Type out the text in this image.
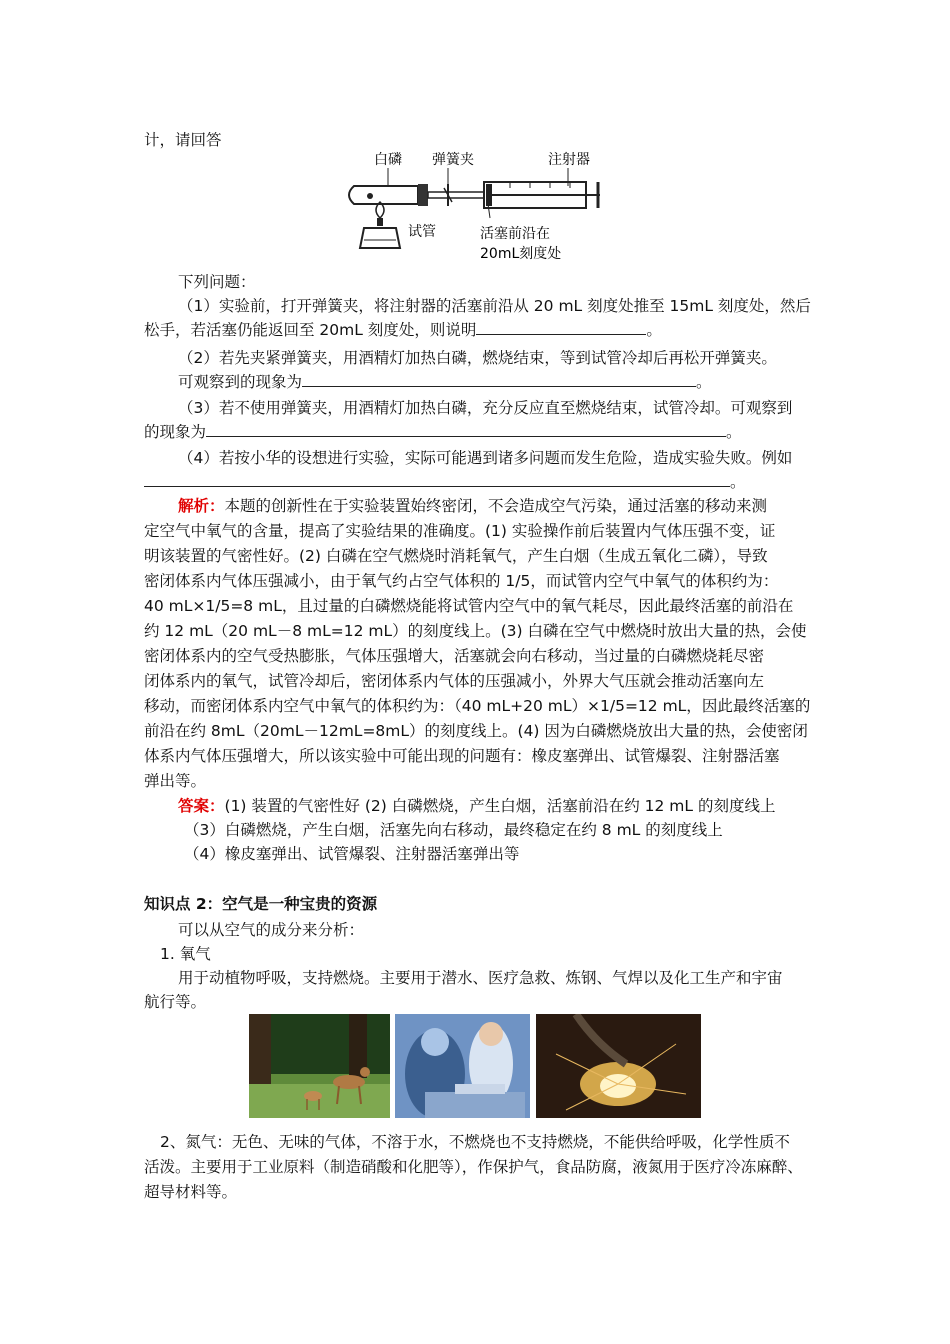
计，请回答
白磷 弹簧夹	注射器
试管	活塞前沿在
20mL刻度处
下列问题：
（1）实验前，打开弹簧夹，将注射器的活塞前沿从 20 mL 刻度处推至 15mL 刻度处，然后
松手，若活塞仍能返回至 20mL 刻度处，则说明	。
（2）若先夹紧弹簧夹，用酒精灯加热白磷，燃烧结束，等到试管冷却后再松开弹簧夹。
可观察到的现象为	。
（3）若不使用弹簧夹，用酒精灯加热白磷，充分反应直至燃烧结束，试管冷却。可观察到
的现象为	。
（4）若按小华的设想进行实验，实际可能遇到诸多问题而发生危险，造成实验失败。例如
。
解析：本题的创新性在于实验装置始终密闭，不会造成空气污染，通过活塞的移动来测
定空气中氧气的含量，提高了实验结果的准确度。(1) 实验操作前后装置内气体压强不变，证
明该装置的气密性好。(2) 白磷在空气燃烧时消耗氧气，产生白烟（生成五氧化二磷），导致
密闭体系内气体压强减小，由于氧气约占空气体积的 1/5，而试管内空气中氧气的体积约为：
40 mL×1/5=8 mL，且过量的白磷燃烧能将试管内空气中的氧气耗尽，因此最终活塞的前沿在
约 12 mL（20 mL－8 mL=12 mL）的刻度线上。(3) 白磷在空气中燃烧时放出大量的热，会使
密闭体系内的空气受热膨胀，气体压强增大，活塞就会向右移动，当过量的白磷燃烧耗尽密
闭体系内的氧气，试管冷却后，密闭体系内气体的压强减小，外界大气压就会推动活塞向左
移动，而密闭体系内空气中氧气的体积约为：（40 mL+20 mL）×1/5=12 mL，因此最终活塞的
前沿在约 8mL（20mL－12mL=8mL）的刻度线上。(4) 因为白磷燃烧放出大量的热，会使密闭
体系内气体压强增大，所以该实验中可能出现的问题有：橡皮塞弹出、试管爆裂、注射器活塞
弹出等。
答案：(1) 装置的气密性好 (2) 白磷燃烧，产生白烟，活塞前沿在约 12 mL 的刻度线上
（3）白磷燃烧，产生白烟，活塞先向右移动，最终稳定在约 8 mL 的刻度线上
（4）橡皮塞弹出、试管爆裂、注射器活塞弹出等
知识点 2：空气是一种宝贵的资源
可以从空气的成分来分析：
1. 氧气
用于动植物呼吸，支持燃烧。主要用于潜水、医疗急救、炼钢、气焊以及化工生产和宇宙
航行等。
2、氮气：无色、无味的气体，不溶于水，不燃烧也不支持燃烧，不能供给呼吸，化学性质不
活泼。主要用于工业原料（制造硝酸和化肥等），作保护气，食品防腐，液氮用于医疗冷冻麻醉、
超导材料等。
